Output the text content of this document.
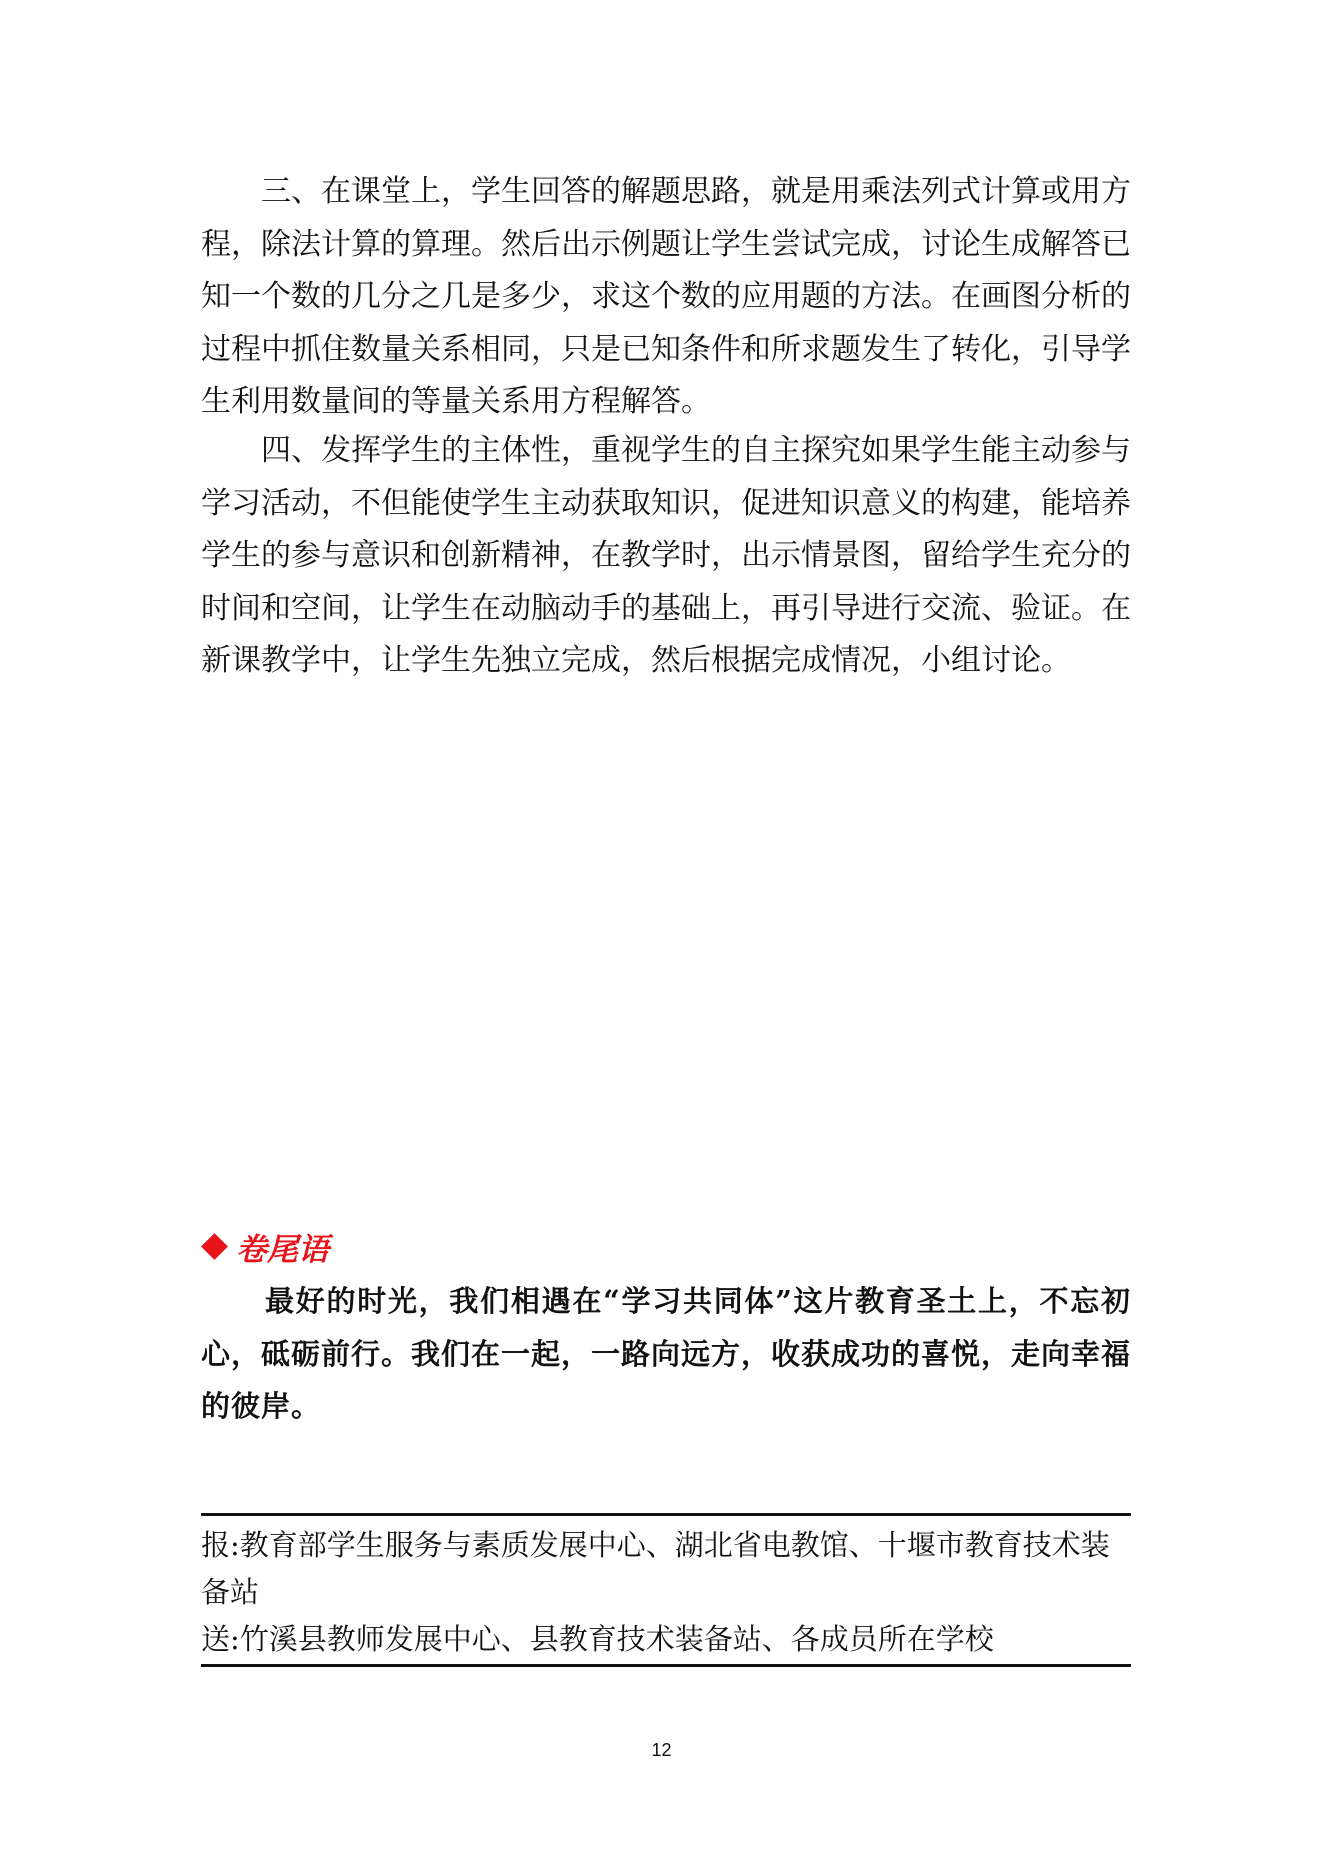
三、在课堂上，学生回答的解题思路，就是用乘法列式计算或用方程，除法计算的算理。然后出示例题让学生尝试完成，讨论生成解答已知一个数的几分之几是多少，求这个数的应用题的方法。在画图分析的过程中抓住数量关系相同，只是已知条件和所求题发生了转化，引导学生利用数量间的等量关系用方程解答。

四、发挥学生的主体性，重视学生的自主探究如果学生能主动参与学习活动，不但能使学生主动获取知识，促进知识意义的构建，能培养学生的参与意识和创新精神，在教学时，出示情景图，留给学生充分的时间和空间，让学生在动脑动手的基础上，再引导进行交流、验证。在新课教学中，让学生先独立完成，然后根据完成情况，小组讨论。

卷尾语

最好的时光，我们相遇在“学习共同体”这片教育圣土上，不忘初心，砥砺前行。我们在一起，一路向远方，收获成功的喜悦，走向幸福的彼岸。

报:教育部学生服务与素质发展中心、湖北省电教馆、十堰市教育技术装备站

送:竹溪县教师发展中心、县教育技术装备站、各成员所在学校

12
